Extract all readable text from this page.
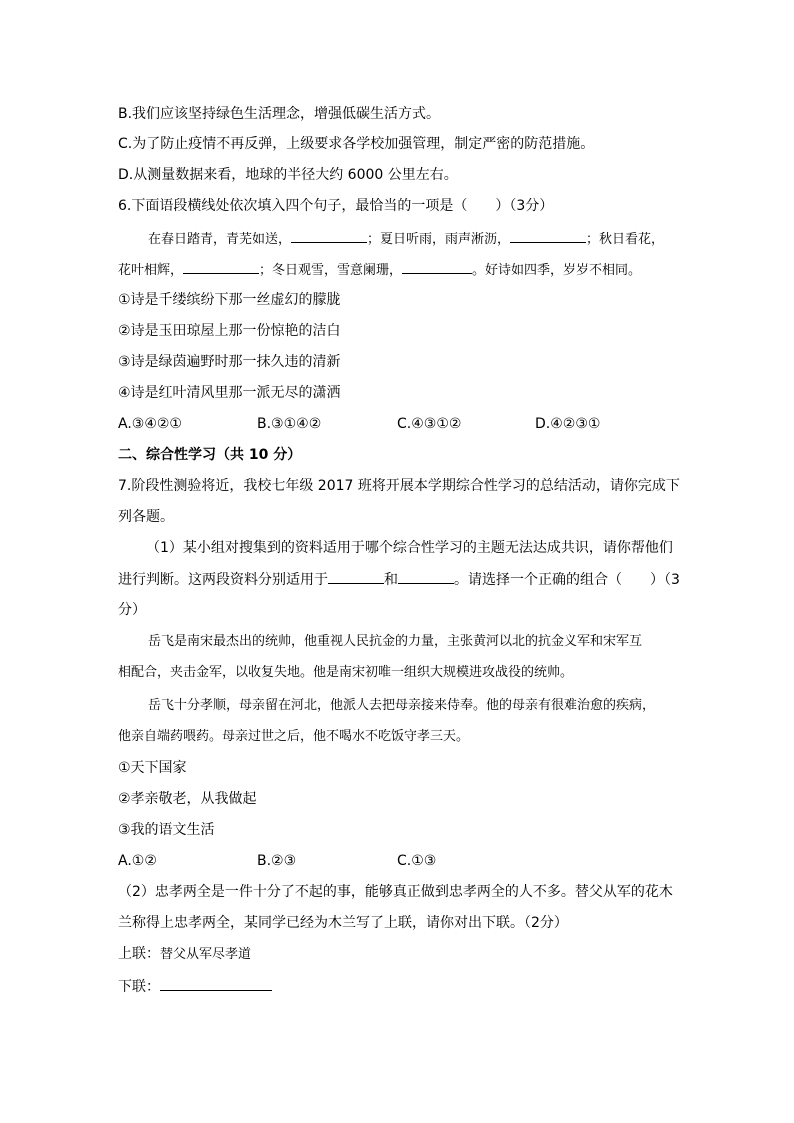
B.我们应该坚持绿色生活理念，增强低碳生活方式。
C.为了防止疫情不再反弹，上级要求各学校加强管理，制定严密的防范措施。
D.从测量数据来看，地球的半径大约 6000 公里左右。
6.下面语段横线处依次填入四个句子，最恰当的一项是（　　）（3分）
在春日踏青，青芜如送，	；夏日听雨，雨声淅沥，	；秋日看花，
花叶相辉，	；冬日观雪，雪意阑珊，	。好诗如四季，岁岁不相同。
①诗是千缕缤纷下那一丝虚幻的朦胧
②诗是玉田琼屋上那一份惊艳的洁白
③诗是绿茵遍野时那一抹久违的清新
④诗是红叶清风里那一派无尽的潇洒
A.③④②①	B.③①④②	C.④③①②	D.④②③①
二、综合性学习（共 10 分）
7.阶段性测验将近，我校七年级 2017 班将开展本学期综合性学习的总结活动，请你完成下
列各题。
（1）某小组对搜集到的资料适用于哪个综合性学习的主题无法达成共识，请你帮他们
进行判断。这两段资料分别适用于	和	。请选择一个正确的组合（　　）（3
分）
岳飞是南宋最杰出的统帅，他重视人民抗金的力量，主张黄河以北的抗金义军和宋军互
相配合，夹击金军，以收复失地。他是南宋初唯一组织大规模进攻战役的统帅。
岳飞十分孝顺，母亲留在河北，他派人去把母亲接来侍奉。他的母亲有很难治愈的疾病，
他亲自端药喂药。母亲过世之后，他不喝水不吃饭守孝三天。
①天下国家
②孝亲敬老，从我做起
③我的语文生活
A.①②	B.②③	C.①③
（2）忠孝两全是一件十分了不起的事，能够真正做到忠孝两全的人不多。替父从军的花木
兰称得上忠孝两全，某同学已经为木兰写了上联，请你对出下联。（2分）
上联：替父从军尽孝道
下联：
